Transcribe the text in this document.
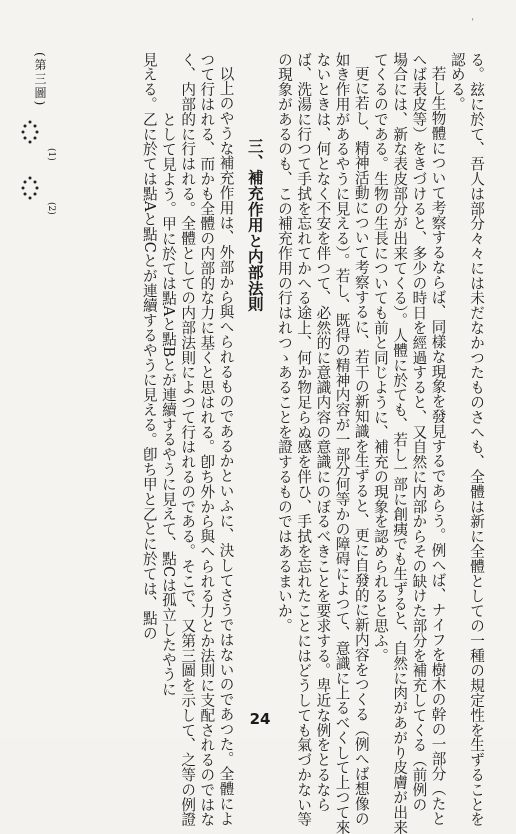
'
る。玆に於て、吾人は部分々々には未だなかつたものさへも、全體は新に全體としての一種の規定性を生ずることを
認める。
若し生物體について考察するならば、同樣な現象を發見するであらう。例へば、ナイフを樹木の幹の一部分（たと
へば表皮等）をきづけると、多少の時日を經過すると、又自然に内部からその缺けた部分を補充してくる（前例の
場合には、新な表皮部分が出来てくる）。人體に於ても、若し一部に創痍でも生ずると、自然に肉があがり皮膚が出来
てくるのである。生物の生長についても前と同じように、補充の現象を認められると思ふ。
更に若し、精神活動について考察するに、若干の新知識を生ずると、更に自發的に新内容をつくる（例へば想像の
如き作用があるやうに見える）。若し、既得の精神内容が一部分何等かの障碍によつて、意識に上るべくして上つて來
ないときは、何となく不安を伴つて、必然的に意識内容の意識にのぼるべきことを要求する。卑近な例をとるなら
ば、洗湯に行つて手拭を忘れてかへる途上、何か物足らぬ感を伴ひ、手拭を忘れたことにはどうしても氣づかない等
の現象があるのも、この補充作用の行はれつゝあることを證するものではあるまいか。
三、補充作用と内部法則
以上のやうな補充作用は、外部から與へられるものであるかといふに、決してさうではないのであつた。全體によ
つて行はれる、而かも全體の内部的な力に基くと思はれる。卽ち外から與へられる力とか法則に支配されるのではな
く、内部的に行はれる。全體としての内部法則によつて行はれるのである。そこで、又第三圖を示して、之等の例證
として見よう。甲に於ては點Aと點Bとが連續するやうに見えて、點Cは孤立したやうに
見える。乙に於ては點Aと點Cとが連續するやうに見える。卽ち甲と乙とに於ては、點の
(第三圖)
(1)
(2)
24
